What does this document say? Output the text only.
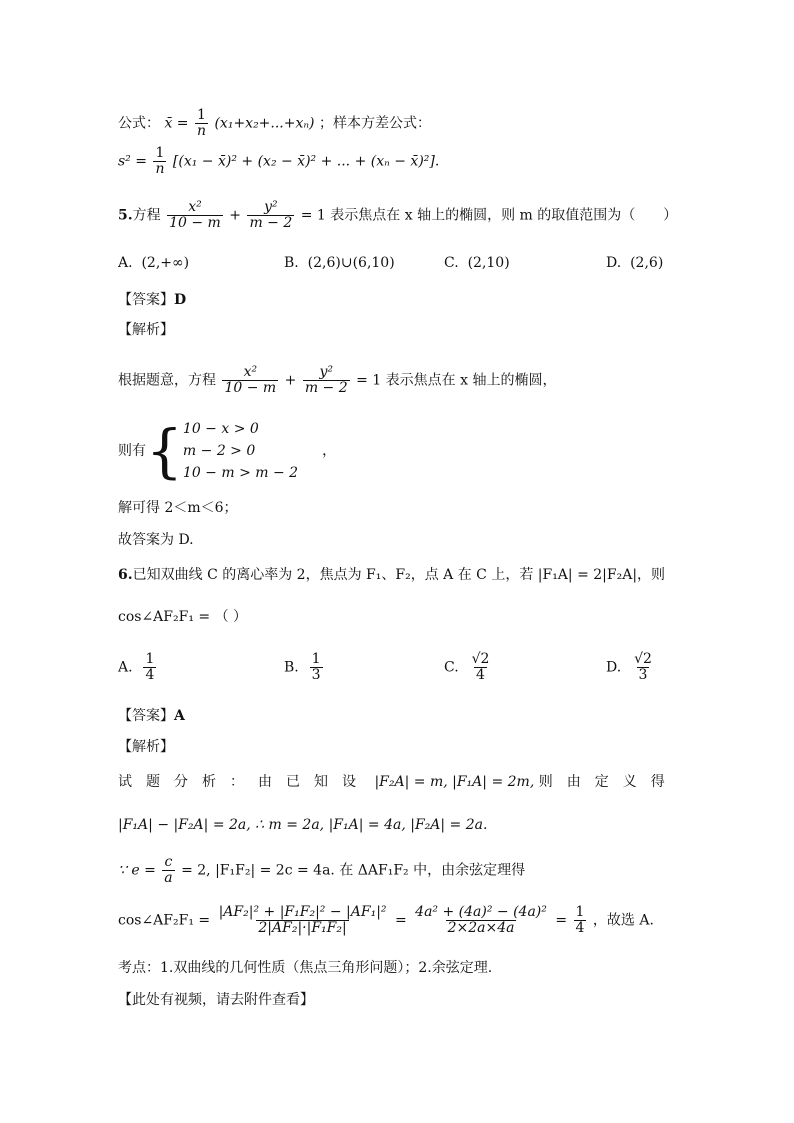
公式： x̄ = $\frac{1}{n} (x_1+x_2+...+x_n)$ ；样本方差公式：
$s^2 = \frac{1}{n} [(x_1$ − x̄)² + (x₂ − x̄)² + ... + (xₙ − x̄)²].
5.方程 $\frac{\text{x²}}{10 - m} + \frac{\text{y²}}{m - 2} = 1$ 表示焦点在 x 轴上的椭圆，则 m 的取值范围为（　　）
A. (2,+∞)	B. (2,6)∪(6,10)	C. (2,10)	D. (2,6)
【答案】D
【解析】
根据题意，方程 $\frac{\text{x²}}{10 - m} + \frac{\text{y²}}{m - 2} = 1$ 表示焦点在 x 轴上的椭圆，
则有{ 10 − x > 0
m − 2 > 0
10 − m > m − 2
，
解可得 2＜m＜6；
故答案为 D.
6.已知双曲线 C 的离心率为 2，焦点为 F₁、F₂，点 A 在 C 上，若 |F₁A| = 2|F₂A|，则
cos∠AF₂F₁ = （ ）
A. $\frac{1}{4}$	B. $\frac{1}{3}$	C. $\frac{√2}{4}$	D. $\frac{√2}{3}$
【答案】A
【解析】
试题分析：由已知设 |F₂A| = m, |F₁A| = 2m, 则由定义得
|F₁A| − |F₂A| = 2a, ∴ m = 2a, |F₁A| = 4a, |F₂A| = 2a.
∵ $e = \frac{c}{a} = 2$, |F₁F₂| = 2c = 4a. 在 ΔAF₁F₂ 中，由余弦定理得
cos∠AF₂F₁ = $\frac{\text{|AF₂|² + |F₁F₂|² − |AF₁|²}}{\text{2|AF₂|·|F₁F₂|}} = \frac{\text{4a² + (4a)² − (4a)²}}{2\times 2a\times 4a} = \frac{1}{4}$ ，故选 A.
考点：1.双曲线的几何性质（焦点三角形问题）；2.余弦定理.
【此处有视频，请去附件查看】
